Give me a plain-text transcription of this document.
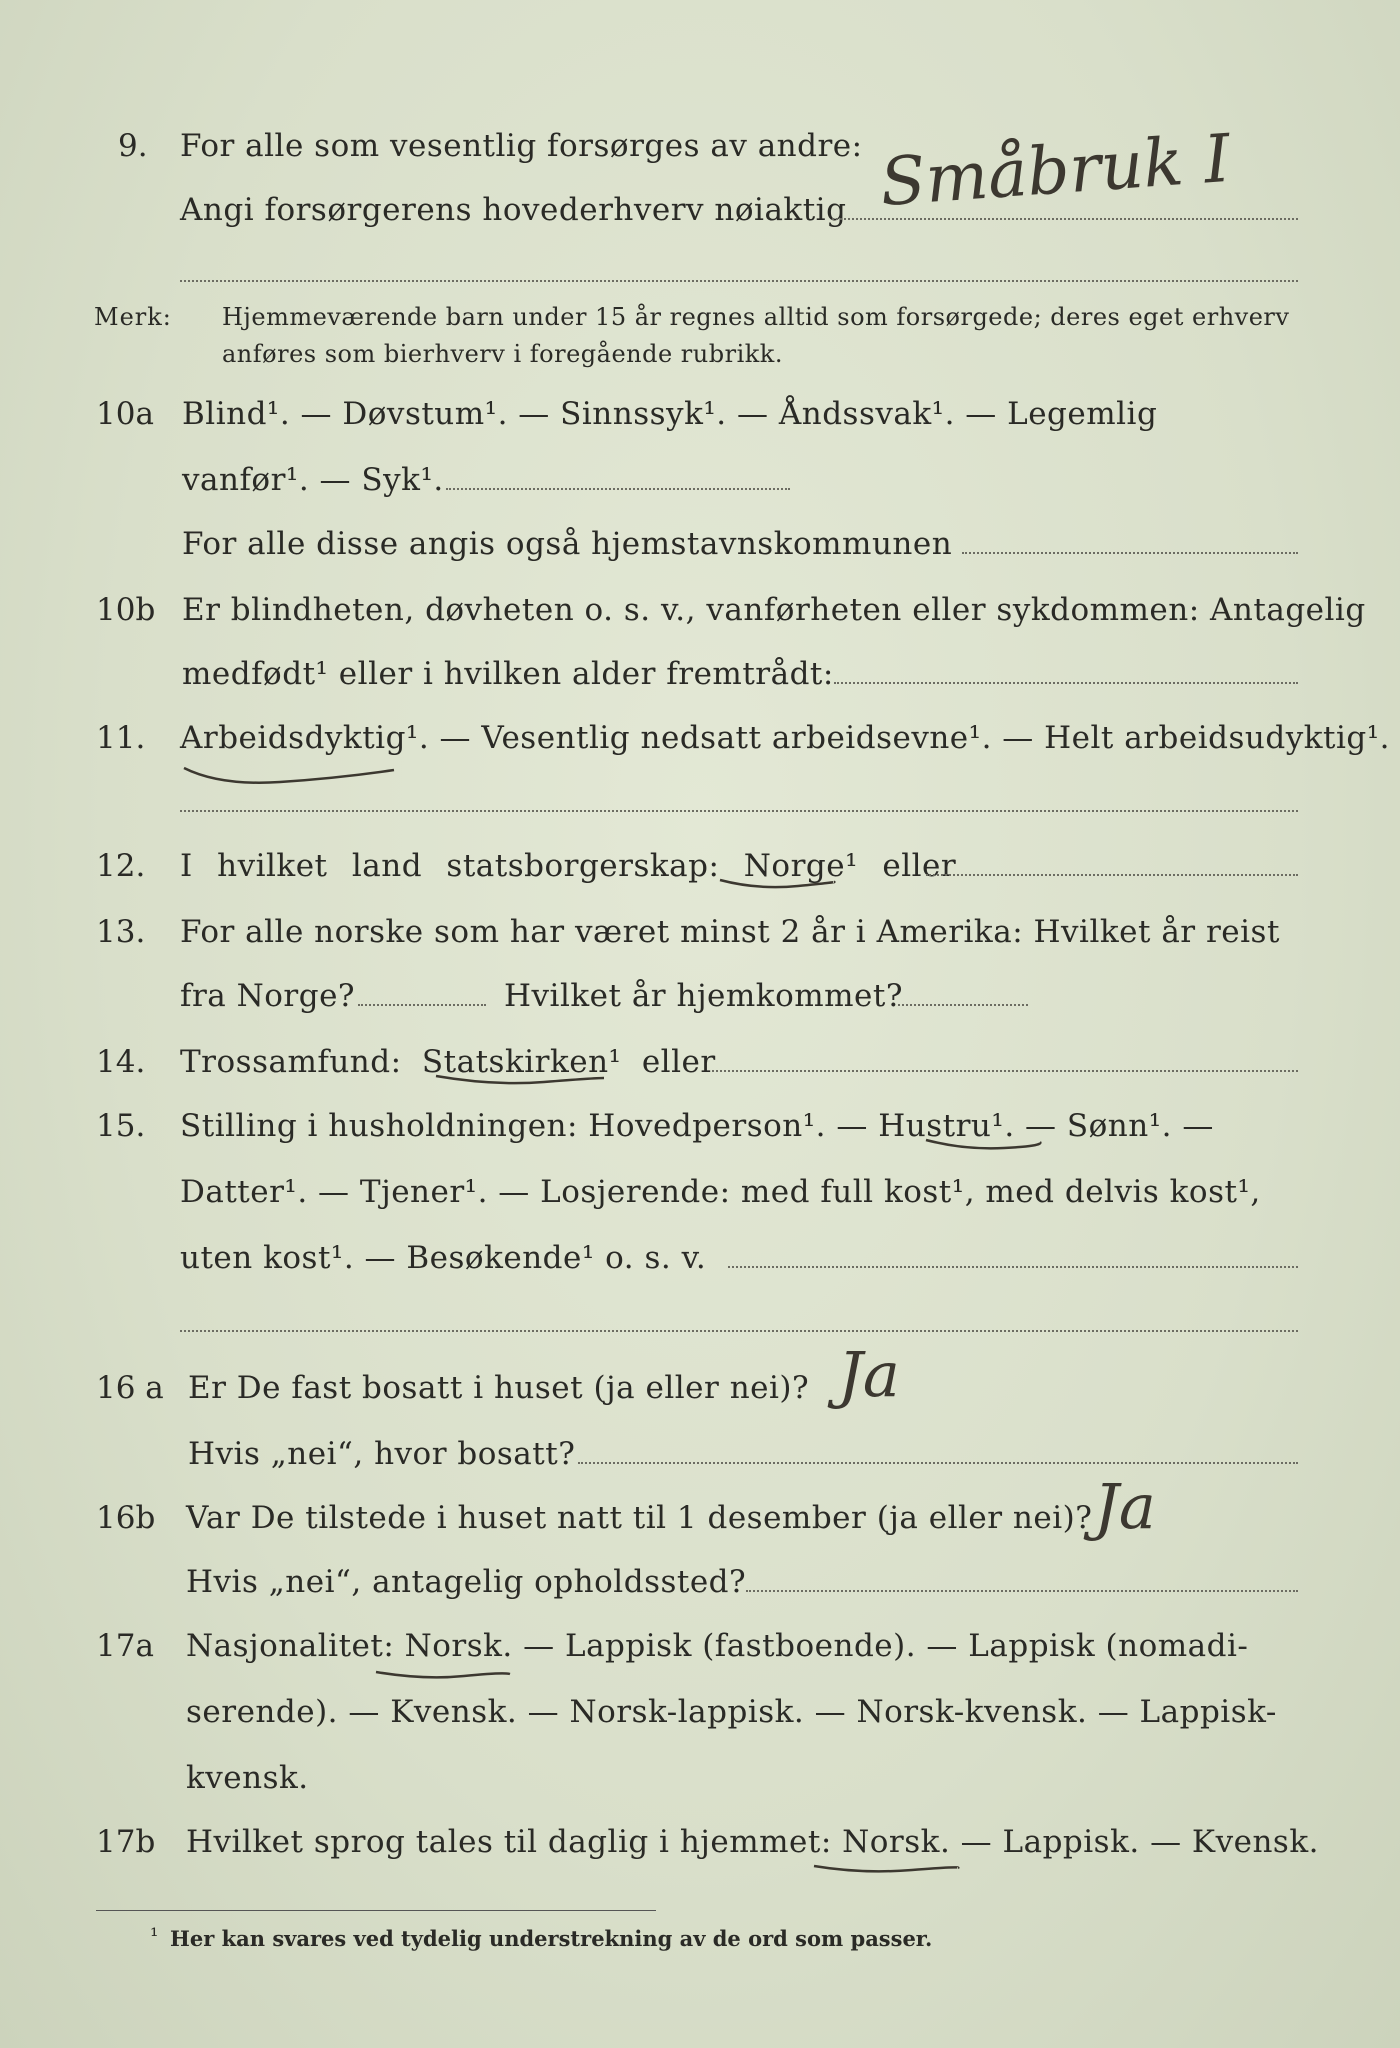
9. For alle som vesentlig forsørges av andre:
Angi forsørgerens hovederhverv nøiaktig Småbruk I
Merk: Hjemmeværende barn under 15 år regnes alltid som forsørgede; deres eget erhverv
anføres som bierhverv i foregående rubrikk.
10a Blind¹. — Døvstum¹. — Sinnssyk¹. — Åndssvak¹. — Legemlig
vanfør¹. — Syk¹.
For alle disse angis også hjemstavnskommunen
10b Er blindheten, døvheten o. s. v., vanførheten eller sykdommen: Antagelig
medfødt¹ eller i hvilken alder fremtrådt:
11. Arbeidsdyktig¹. — Vesentlig nedsatt arbeidsevne¹. — Helt arbeidsudyktig¹.
12. I hvilket land statsborgerskap: Norge¹ eller
13. For alle norske som har været minst 2 år i Amerika: Hvilket år reist
fra Norge?	Hvilket år hjemkommet?
14. Trossamfund: Statskirken¹ eller
15. Stilling i husholdningen: Hovedperson¹. — Hustru¹. — Sønn¹. —
Datter¹. — Tjener¹. — Losjerende: med full kost¹, med delvis kost¹,
uten kost¹. — Besøkende¹ o. s. v.
16 a Er De fast bosatt i huset (ja eller nei)? Ja
Hvis „nei“, hvor bosatt?
16b Var De tilstede i huset natt til 1 desember (ja eller nei)? Ja
Hvis „nei“, antagelig opholdssted?
17a Nasjonalitet: Norsk. — Lappisk (fastboende). — Lappisk (nomadi-
serende). — Kvensk. — Norsk-lappisk. — Norsk-kvensk. — Lappisk-
kvensk.
17b Hvilket sprog tales til daglig i hjemmet: Norsk. — Lappisk. — Kvensk.
¹ Her kan svares ved tydelig understrekning av de ord som passer.
